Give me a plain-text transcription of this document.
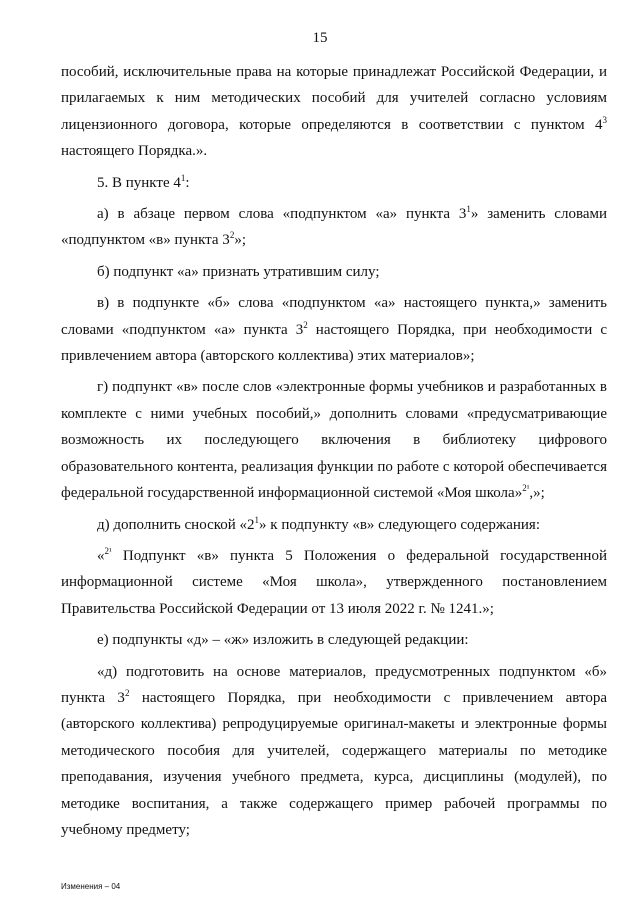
15

пособий, исключительные права на которые принадлежат Российской Федерации, и прилагаемых к ним методических пособий для учителей согласно условиям лицензионного договора, которые определяются в соответствии с пунктом $4^3$ настоящего Порядка.».

5. В пункте $4^1$:

а) в абзаце первом слова «подпунктом «а» пункта $3^1$» заменить словами «подпунктом «в» пункта $3^2$»;

б) подпункт «а» признать утратившим силу;

в) в подпункте «б» слова «подпунктом «а» настоящего пункта,» заменить словами «подпунктом «а» пункта $3^2$ настоящего Порядка, при необходимости с привлечением автора (авторского коллектива) этих материалов»;

г) подпункт «в» после слов «электронные формы учебников и разработанных в комплекте с ними учебных пособий,» дополнить словами «предусматривающие возможность их последующего включения в библиотеку цифрового образовательного контента, реализация функции по работе с которой обеспечивается федеральной государственной информационной системой «Моя школа»$^{2^1}$,»;

д) дополнить сноской «$2^1$» к подпункту «в» следующего содержания:

«$^{2^1}$ Подпункт «в» пункта 5 Положения о федеральной государственной информационной системе «Моя школа», утвержденного постановлением Правительства Российской Федерации от 13 июля 2022 г. № 1241.»;

е) подпункты «д» – «ж» изложить в следующей редакции:

«д) подготовить на основе материалов, предусмотренных подпунктом «б» пункта $3^2$ настоящего Порядка, при необходимости с привлечением автора (авторского коллектива) репродуцируемые оригинал-макеты и электронные формы методического пособия для учителей, содержащего материалы по методике преподавания, изучения учебного предмета, курса, дисциплины (модулей), по методике воспитания, а также содержащего пример рабочей программы по учебному предмету;

Изменения – 04
